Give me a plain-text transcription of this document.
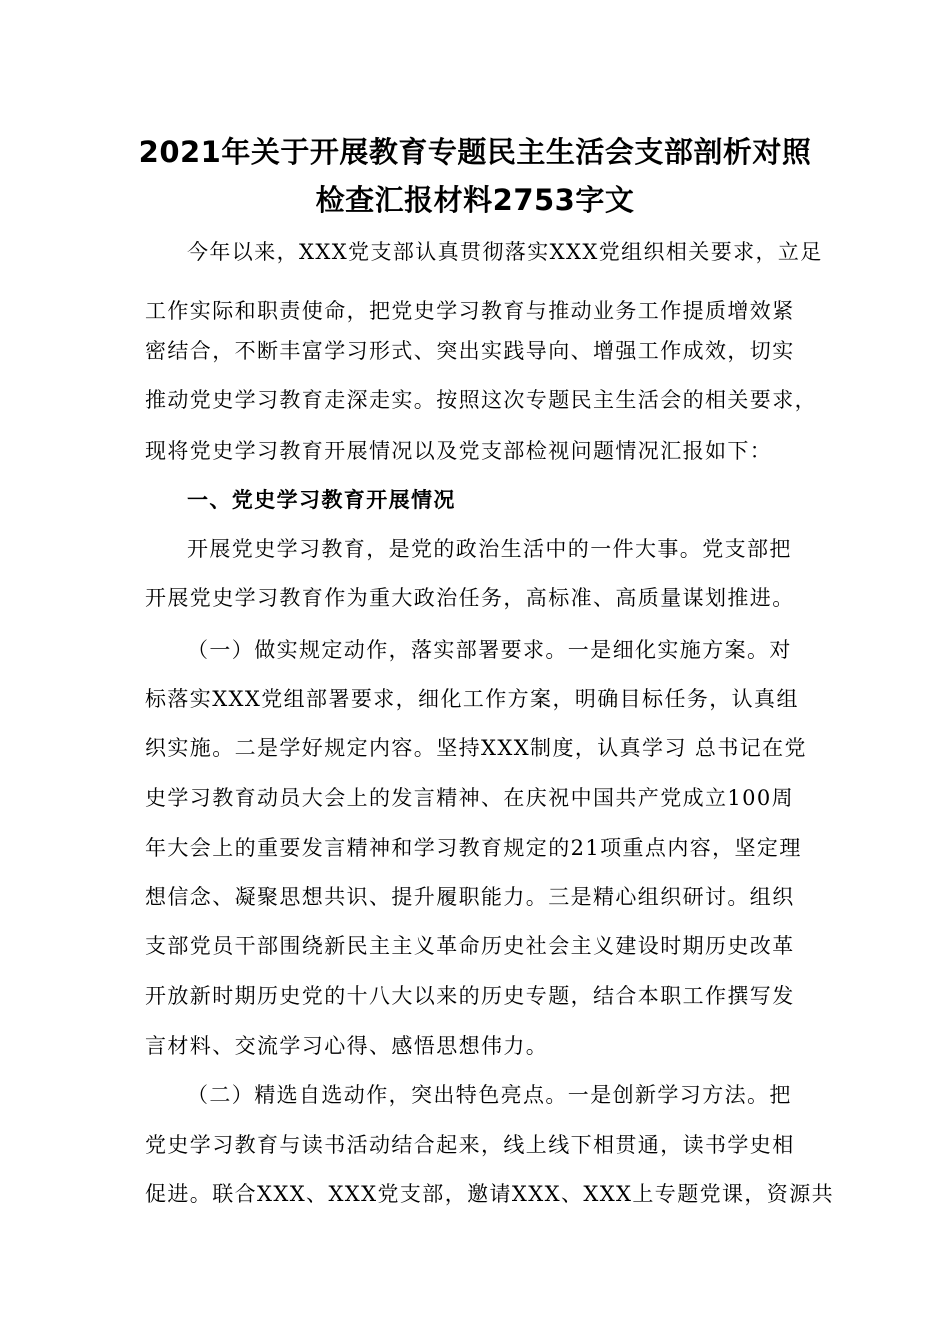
2021年关于开展教育专题民主生活会支部剖析对照
检查汇报材料2753字文
今年以来，XXX党支部认真贯彻落实XXX党组织相关要求，立足
工作实际和职责使命，把党史学习教育与推动业务工作提质增效紧
密结合，不断丰富学习形式、突出实践导向、增强工作成效，切实
推动党史学习教育走深走实。按照这次专题民主生活会的相关要求，
现将党史学习教育开展情况以及党支部检视问题情况汇报如下：
一、党史学习教育开展情况
开展党史学习教育，是党的政治生活中的一件大事。党支部把
开展党史学习教育作为重大政治任务，高标准、高质量谋划推进。
（一）做实规定动作，落实部署要求。一是细化实施方案。对
标落实XXX党组部署要求，细化工作方案，明确目标任务，认真组
织实施。二是学好规定内容。坚持XXX制度，认真学习 总书记在党
史学习教育动员大会上的发言精神、在庆祝中国共产党成立100周
年大会上的重要发言精神和学习教育规定的21项重点内容，坚定理
想信念、凝聚思想共识、提升履职能力。三是精心组织研讨。组织
支部党员干部围绕新民主主义革命历史社会主义建设时期历史改革
开放新时期历史党的十八大以来的历史专题，结合本职工作撰写发
言材料、交流学习心得、感悟思想伟力。
（二）精选自选动作，突出特色亮点。一是创新学习方法。把
党史学习教育与读书活动结合起来，线上线下相贯通，读书学史相
促进。联合XXX、XXX党支部，邀请XXX、XXX上专题党课，资源共
